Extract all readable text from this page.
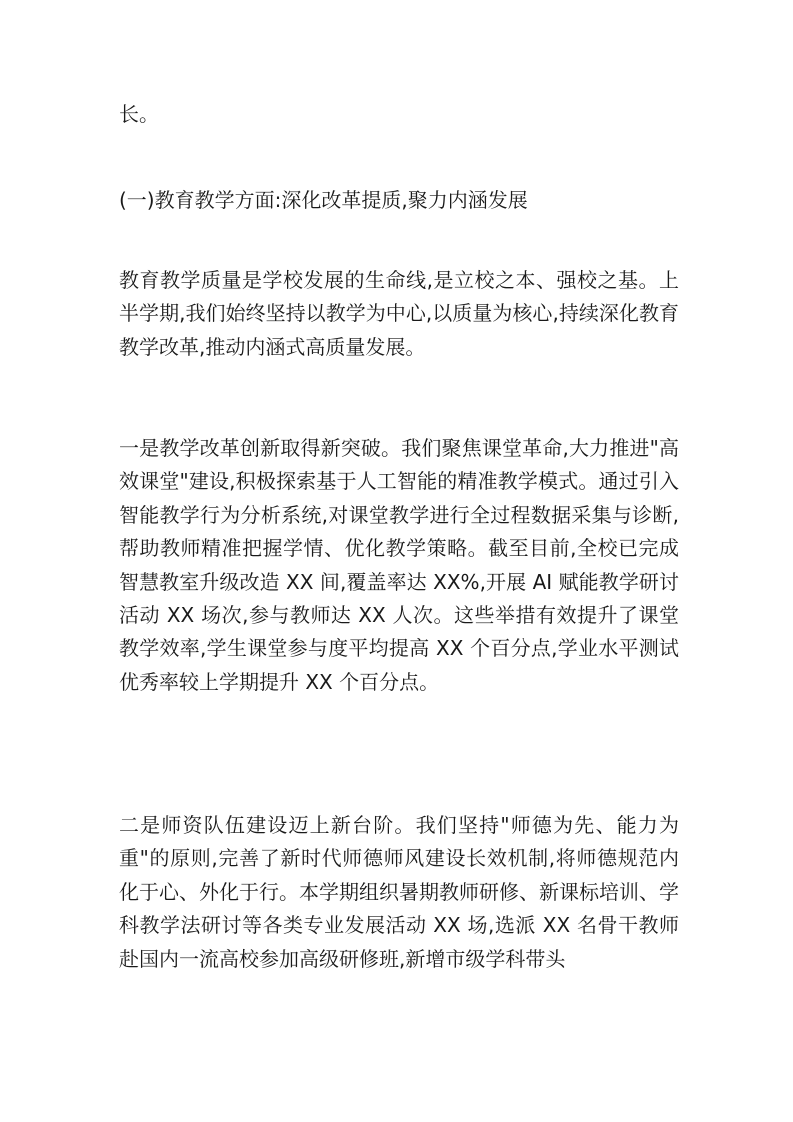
长。

(一)教育教学方面:深化改革提质,聚力内涵发展

教育教学质量是学校发展的生命线,是立校之本、强校之基。上半学期,我们始终坚持以教学为中心,以质量为核心,持续深化教育教学改革,推动内涵式高质量发展。

一是教学改革创新取得新突破。我们聚焦课堂革命,大力推进"高效课堂"建设,积极探索基于人工智能的精准教学模式。通过引入智能教学行为分析系统,对课堂教学进行全过程数据采集与诊断,帮助教师精准把握学情、优化教学策略。截至目前,全校已完成智慧教室升级改造 XX 间,覆盖率达 XX%,开展 AI 赋能教学研讨活动 XX 场次,参与教师达 XX 人次。这些举措有效提升了课堂教学效率,学生课堂参与度平均提高 XX 个百分点,学业水平测试优秀率较上学期提升 XX 个百分点。

二是师资队伍建设迈上新台阶。我们坚持"师德为先、能力为重"的原则,完善了新时代师德师风建设长效机制,将师德规范内化于心、外化于行。本学期组织暑期教师研修、新课标培训、学科教学法研讨等各类专业发展活动 XX 场,选派 XX 名骨干教师赴国内一流高校参加高级研修班,新增市级学科带头
